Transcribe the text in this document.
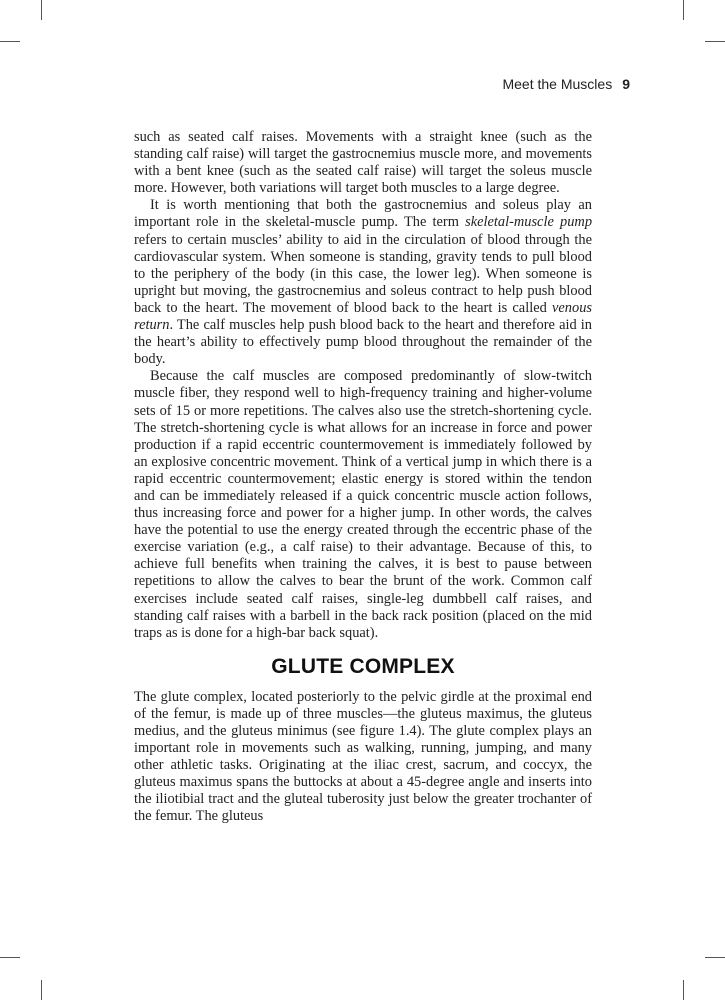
Meet the Muscles 9

such as seated calf raises. Movements with a straight knee (such as the standing calf raise) will target the gastrocnemius muscle more, and movements with a bent knee (such as the seated calf raise) will target the soleus muscle more. However, both variations will target both muscles to a large degree.

It is worth mentioning that both the gastrocnemius and soleus play an important role in the skeletal-muscle pump. The term skeletal-muscle pump refers to certain muscles’ ability to aid in the circulation of blood through the cardiovascular system. When someone is standing, gravity tends to pull blood to the periphery of the body (in this case, the lower leg). When someone is upright but moving, the gastrocnemius and soleus contract to help push blood back to the heart. The movement of blood back to the heart is called venous return. The calf muscles help push blood back to the heart and therefore aid in the heart’s ability to effectively pump blood throughout the remainder of the body.

Because the calf muscles are composed predominantly of slow-twitch muscle fiber, they respond well to high-frequency training and higher-volume sets of 15 or more repetitions. The calves also use the stretch-shortening cycle. The stretch-shortening cycle is what allows for an increase in force and power production if a rapid eccentric countermovement is immediately followed by an explosive concentric movement. Think of a vertical jump in which there is a rapid eccentric countermovement; elastic energy is stored within the tendon and can be immediately released if a quick concentric muscle action follows, thus increasing force and power for a higher jump. In other words, the calves have the potential to use the energy created through the eccentric phase of the exercise variation (e.g., a calf raise) to their advantage. Because of this, to achieve full benefits when training the calves, it is best to pause between repetitions to allow the calves to bear the brunt of the work. Common calf exercises include seated calf raises, single-leg dumbbell calf raises, and standing calf raises with a barbell in the back rack position (placed on the mid traps as is done for a high-bar back squat).

GLUTE COMPLEX

The glute complex, located posteriorly to the pelvic girdle at the proximal end of the femur, is made up of three muscles—the gluteus maximus, the gluteus medius, and the gluteus minimus (see figure 1.4). The glute complex plays an important role in movements such as walking, running, jumping, and many other athletic tasks. Originating at the iliac crest, sacrum, and coccyx, the gluteus maximus spans the buttocks at about a 45-degree angle and inserts into the iliotibial tract and the gluteal tuberosity just below the greater trochanter of the femur. The gluteus
